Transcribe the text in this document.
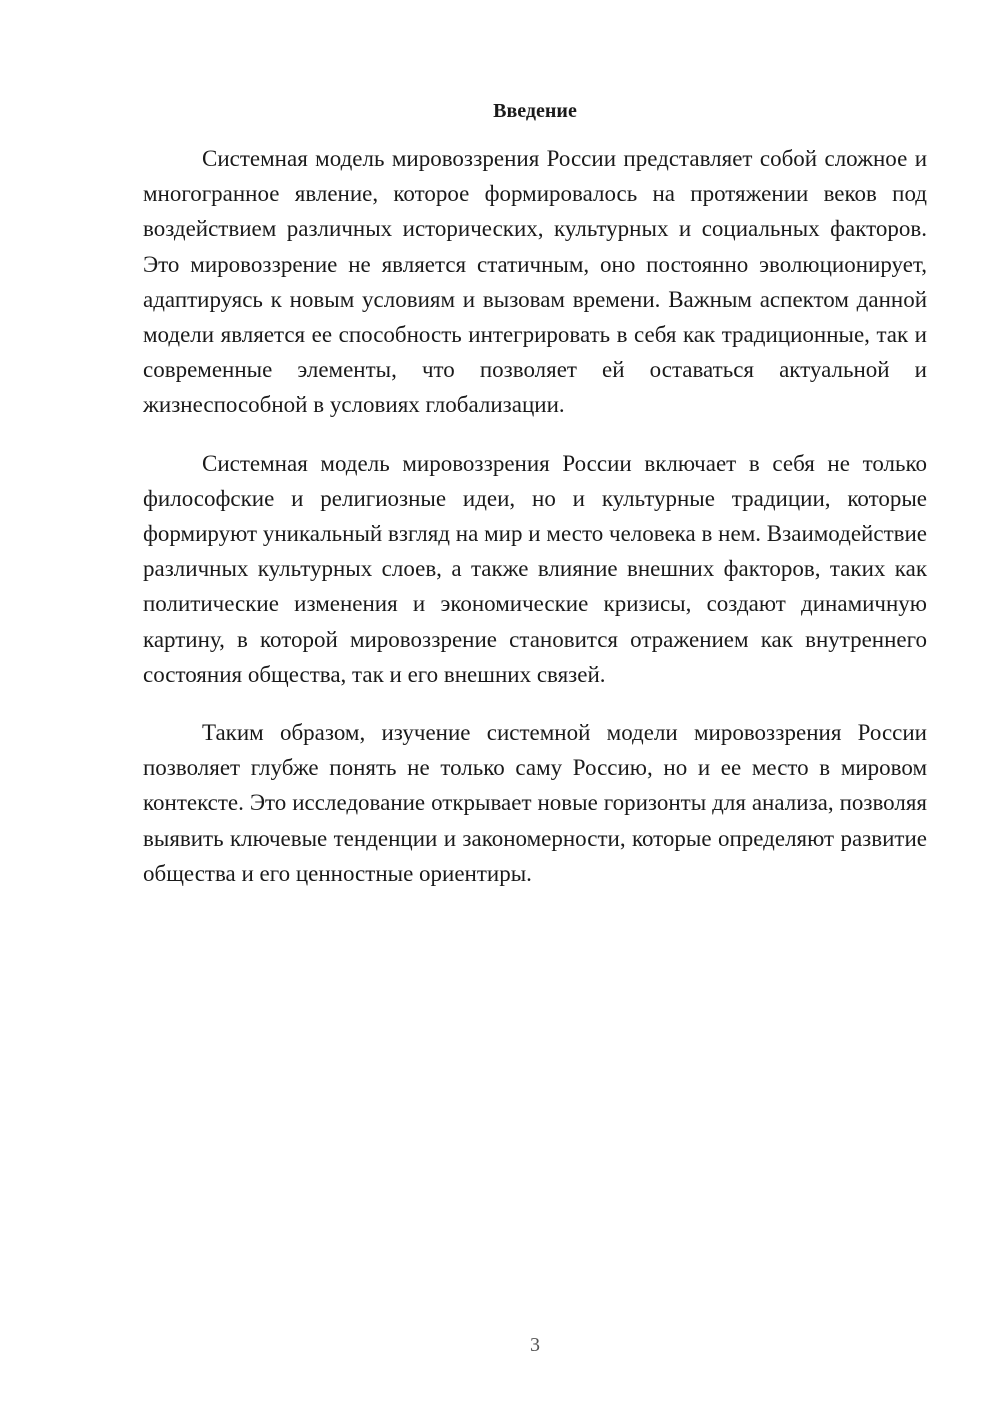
Введение

Системная модель мировоззрения России представляет собой сложное и многогранное явление, которое формировалось на протяжении веков под воздействием различных исторических, культурных и социальных факторов. Это мировоззрение не является статичным, оно постоянно эволюционирует, адаптируясь к новым условиям и вызовам времени. Важным аспектом данной модели является ее способность интегрировать в себя как традиционные, так и современные элементы, что позволяет ей оставаться актуальной и жизнеспособной в условиях глобализации.

Системная модель мировоззрения России включает в себя не только философские и религиозные идеи, но и культурные традиции, которые формируют уникальный взгляд на мир и место человека в нем. Взаимодействие различных культурных слоев, а также влияние внешних факторов, таких как политические изменения и экономические кризисы, создают динамичную картину, в которой мировоззрение становится отражением как внутреннего состояния общества, так и его внешних связей.

Таким образом, изучение системной модели мировоззрения России позволяет глубже понять не только саму Россию, но и ее место в мировом контексте. Это исследование открывает новые горизонты для анализа, позволяя выявить ключевые тенденции и закономерности, которые определяют развитие общества и его ценностные ориентиры.

3
